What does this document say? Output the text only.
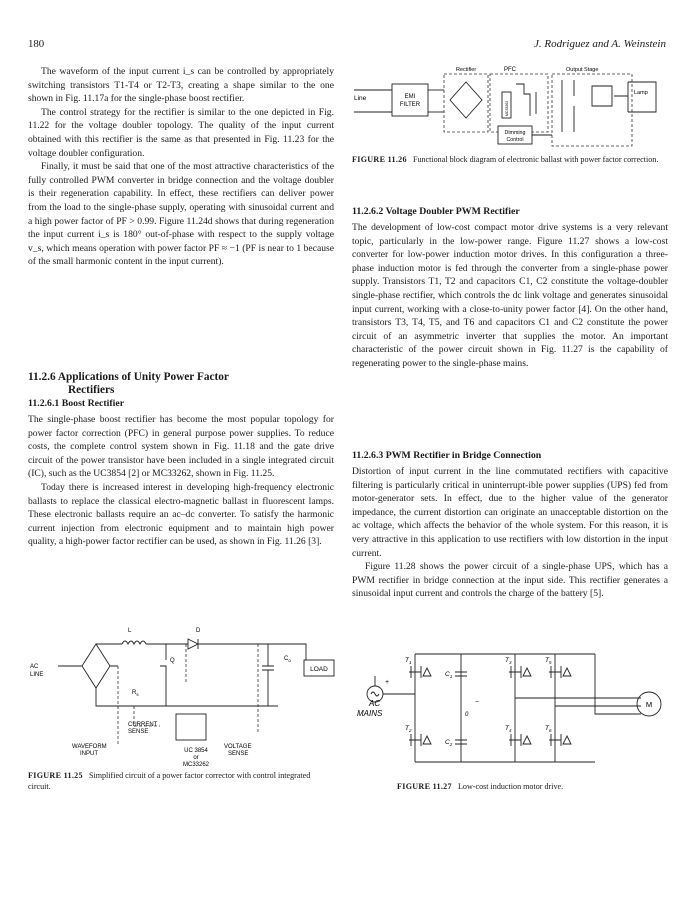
180	J. Rodriguez and A. Weinstein

The waveform of the input current i_s can be controlled by appropriately switching transistors T1-T4 or T2-T3, creating a shape similar to the one shown in Fig. 11.17a for the single-phase boost rectifier.

The control strategy for the rectifier is similar to the one depicted in Fig. 11.22 for the voltage doubler topology. The quality of the input current obtained with this rectifier is the same as that presented in Fig. 11.23 for the voltage doubler configuration.

Finally, it must be said that one of the most attractive characteristics of the fully controlled PWM converter in bridge connection and the voltage doubler is their regeneration capability. In effect, these rectifiers can deliver power from the load to the single-phase supply, operating with sinusoidal current and a high power factor of PF > 0.99. Figure 11.24d shows that during regeneration the input current i_s is 180° out-of-phase with respect to the supply voltage v_s, which means operation with power factor PF ≈ −1 (PF is near to 1 because of the small harmonic content in the input current).

11.2.6 Applications of Unity Power Factor
Rectifiers
11.2.6.1 Boost Rectifier

The single-phase boost rectifier has become the most popular topology for power factor correction (PFC) in general purpose power supplies. To reduce costs, the complete control system shown in Fig. 11.18 and the gate drive circuit of the power transistor have been included in a single integrated circuit (IC), such as the UC3854 [2] or MC33262, shown in Fig. 11.25.

Today there is increased interest in developing high-frequency electronic ballasts to replace the classical electro-magnetic ballast in fluorescent lamps. These electronic ballasts require an ac–dc converter. To satisfy the harmonic current injection from electronic equipment and to maintain high power quality, a high-power factor rectifier can be used, as shown in Fig. 11.26 [3].

11.2.6.2 Voltage Doubler PWM Rectifier

The development of low-cost compact motor drive systems is a very relevant topic, particularly in the low-power range. Figure 11.27 shows a low-cost converter for low-power induction motor drives. In this configuration a three-phase induction motor is fed through the converter from a single-phase power supply. Transistors T1, T2 and capacitors C1, C2 constitute the voltage-doubler single-phase rectifier, which controls the dc link voltage and generates sinusoidal input current, working with a close-to-unity power factor [4]. On the other hand, transistors T3, T4, T5, and T6 and capacitors C1 and C2 constitute the power circuit of an asymmetric inverter that supplies the motor. An important characteristic of the power circuit shown in Fig. 11.27 is the capability of regenerating power to the single-phase mains.

11.2.6.3 PWM Rectifier in Bridge Connection

Distortion of input current in the line commutated rectifiers with capacitive filtering is particularly critical in uninterrupt-ible power supplies (UPS) fed from motor-generator sets. In effect, due to the higher value of the generator impedance, the current distortion can originate an unacceptable distortion on the ac voltage, which affects the behavior of the whole system. For this reason, it is very attractive in this application to use rectifiers with low distortion in the input current.

Figure 11.28 shows the power circuit of a single-phase UPS, which has a PWM rectifier in bridge connection at the input side. This rectifier generates a sinusoidal input current and controls the charge of the battery [5].

Rectifier	PFC	Output Stage
Lamp
Line	EMI
FILTER	MC33262
Dimming
Control
FIGURE 11.26 Functional block diagram of electronic ballast with power factor correction.
L	D
AC
LINE
Q
$R_s$
$C_o$
LOAD
UC 3854
or
MC33262
CURRENT
SENSE
WAVEFORM
INPUT
VOLTAGE
SENSE
FIGURE 11.25 Simplified circuit of a power factor corrector with control integrated circuit.
$T_1$
$T_2$
$T_3$
$T_4$
$T_5$
$T_6$
$C_1$
$C_2$
AC
MAINS
+
−
0
M
FIGURE 11.27 Low-cost induction motor drive.
